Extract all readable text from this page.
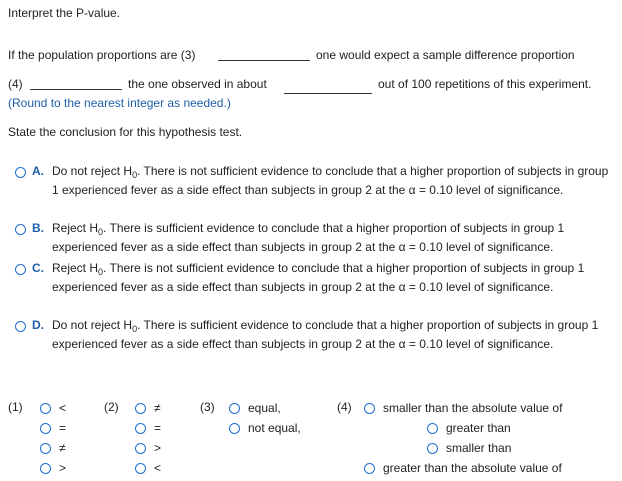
Interpret the P-value.
If the population proportions are (3)	one would expect a sample difference proportion
(4)	the one observed in about	out of 100 repetitions of this experiment.
(Round to the nearest integer as needed.)
State the conclusion for this hypothesis test.
A. Do not reject $H_0$. There is not sufficient evidence to conclude that a higher proportion of subjects in group 1 experienced fever as a side effect than subjects in group 2 at the α = 0.10 level of significance.
B. Reject $H_0$. There is sufficient evidence to conclude that a higher proportion of subjects in group 1 experienced fever as a side effect than subjects in group 2 at the α = 0.10 level of significance.
C. Reject $H_0$. There is not sufficient evidence to conclude that a higher proportion of subjects in group 1 experienced fever as a side effect than subjects in group 2 at the α = 0.10 level of significance.
D. Do not reject $H_0$. There is sufficient evidence to conclude that a higher proportion of subjects in group 1 experienced fever as a side effect than subjects in group 2 at the α = 0.10 level of significance.
(1)	<
=
≠
>
(2)	≠
=
>
<
(3)	equal,
not equal,
(4)	smaller than the absolute value of
greater than
smaller than
greater than the absolute value of
